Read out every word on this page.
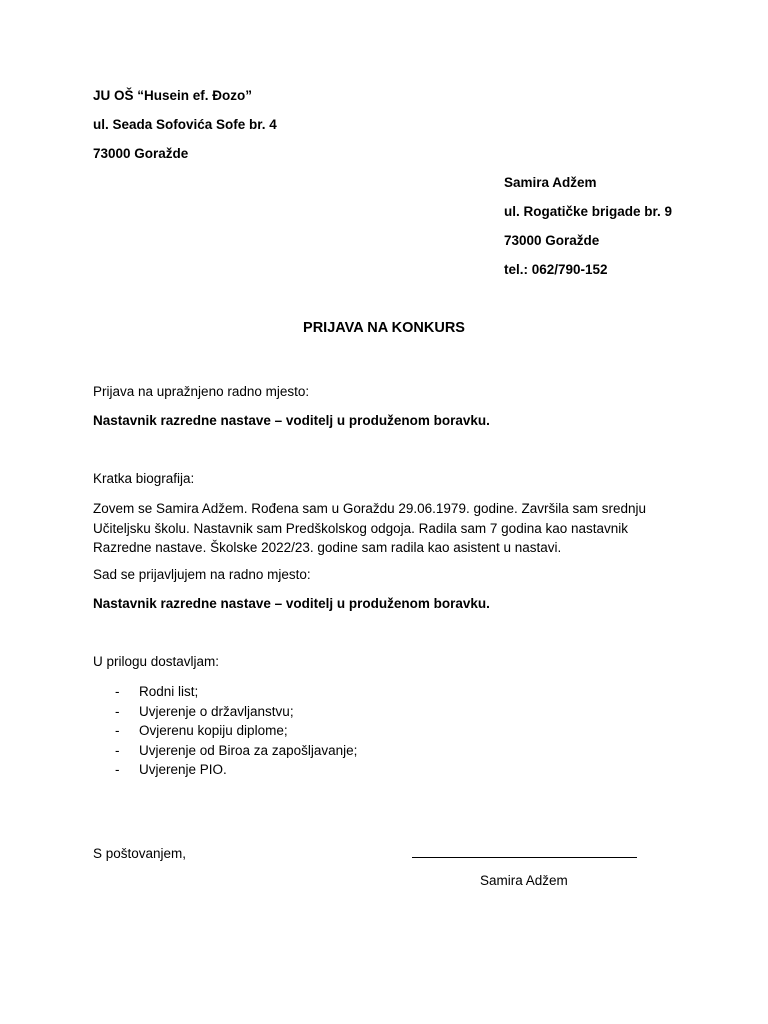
JU OŠ “Husein ef. Đozo”
ul. Seada Sofovića Sofe br. 4
73000 Goražde
Samira Adžem
ul. Rogatičke brigade br. 9
73000 Goražde
tel.: 062/790-152
PRIJAVA NA KONKURS
Prijava na upražnjeno radno mjesto:
Nastavnik razredne nastave – voditelj u produženom boravku.
Kratka biografija:
Zovem se Samira Adžem. Rođena sam u Goraždu 29.06.1979. godine. Završila sam srednju Učiteljsku školu. Nastavnik sam Predškolskog odgoja. Radila sam 7 godina kao nastavnik Razredne nastave. Školske 2022/23. godine sam radila kao asistent u nastavi.
Sad se prijavljujem na radno mjesto:
Nastavnik razredne nastave – voditelj u produženom boravku.
U prilogu dostavljam:
- Rodni list;
- Uvjerenje o državljanstvu;
- Ovjerenu kopiju diplome;
- Uvjerenje od Biroa za zapošljavanje;
- Uvjerenje PIO.
S poštovanjem,
Samira Adžem
